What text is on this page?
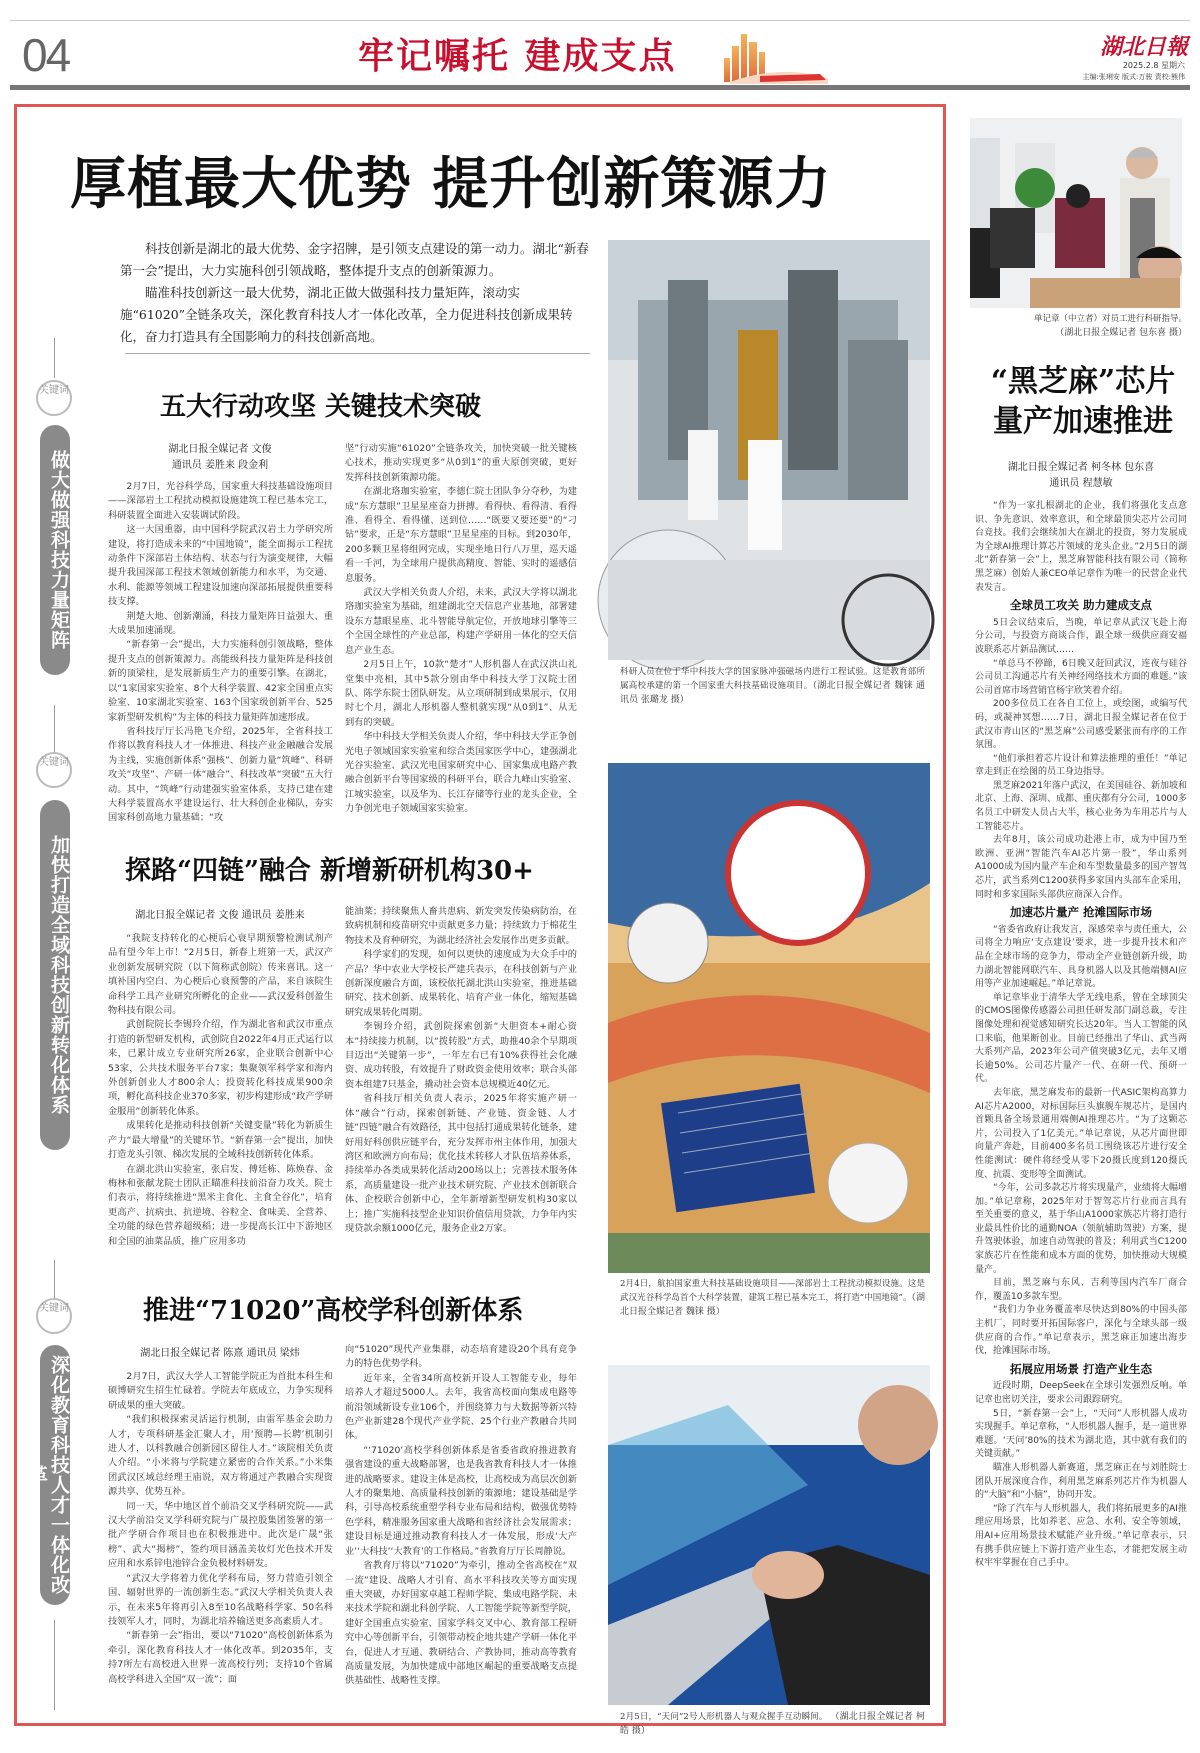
04	牢记嘱托 建成支点	湖北日報
2025.2.8 星期六
主编:张琍安 版式:万骏 责校:熊伟
厚植最大优势 提升创新策源力

科技创新是湖北的最大优势、金字招牌，是引领支点建设的第一动力。湖北“新春第一会”提出，大力实施科创引领战略，整体提升支点的创新策源力。

瞄准科技创新这一最大优势，湖北正做大做强科技力量矩阵，滚动实施“61020”全链条攻关，深化教育科技人才一体化改革，全力促进科技创新成果转化，奋力打造具有全国影响力的科技创新高地。

关键词
做大做强科技力量矩阵
关键词
加快打造全域科技创新转化体系
关键词
深化教育科技人才一体化改革
五大行动攻坚 关键技术突破
湖北日报全媒记者 文俊
通讯员 姜胜来 段金利

2月7日，光谷科学岛，国家重大科技基础设施项目——深部岩土工程扰动模拟设施建筑工程已基本完工，科研装置全面进入安装调试阶段。

这一大国重器，由中国科学院武汉岩土力学研究所建设，将打造成未来的“中国地镜”，能全面揭示工程扰动条件下深部岩土体结构、状态与行为演变规律，大幅提升我国深部工程技术领域创新能力和水平，为交通、水利、能源等领域工程建设加速向深部拓展提供重要科技支撑。

荆楚大地、创新潮涌，科技力量矩阵日益强大、重大成果加速涌现。

“新春第一会”提出，大力实施科创引领战略，整体提升支点的创新策源力。高能级科技力量矩阵是科技创新的顶梁柱，是发展新质生产力的重要引擎。在湖北，以“1家国家实验室、8个大科学装置、42家全国重点实验室、10家湖北实验室、163个国家级创新平台、525家新型研发机构”为主体的科技力量矩阵加速形成。

省科技厅厅长冯艳飞介绍，2025年，全省科技工作将以教育科技人才一体推进、科技产业金融融合发展为主线，实施创新体系“强核”、创新力量“筑峰”、科研攻关“攻坚”、产研一体“融合”、科技改革“突破”五大行动。其中，“筑峰”行动建强实验室体系，支持已建在建大科学装置高水平建设运行、壮大科创企业梯队，夯实国家科创高地力量基础；“攻

坚”行动实施“61020”全链条攻关，加快突破一批关键核心技术，推动实现更多“从0到1”的重大原创突破，更好发挥科技创新策源功能。

在湖北珞珈实验室，李德仁院士团队争分夺秒，为建成“东方慧眼”卫星星座奋力拼搏。看得快、看得清、看得准、看得全、看得懂、送到位……“既要又要还要”的“刁钻”要求，正是“东方慧眼”卫星星座的目标。到2030年，200多颗卫星将组网完成，实现坐地日行八万里，巡天遥看一千河，为全球用户提供高精度、智能、实时的遥感信息服务。

武汉大学相关负责人介绍，未来，武汉大学将以湖北珞珈实验室为基础，组建湖北空天信息产业基地，部署建设东方慧眼星座、北斗智能导航定位，开放地球引擎等三个全国全球性的产业总部，构建产学研用一体化的空天信息产业生态。

2月5日上午，10款“楚才”人形机器人在武汉洪山礼堂集中亮相，其中5款分别由华中科技大学丁汉院士团队、陈学东院士团队研发。从立项研制到成果展示，仅用时七个月，湖北人形机器人整机就实现“从0到1”、从无到有的突破。

华中科技大学相关负责人介绍，华中科技大学正争创光电子领域国家实验室和综合类国家医学中心，建强湖北光谷实验室、武汉光电国家研究中心、国家集成电路产教融合创新平台等国家级的科研平台，联合九峰山实验室、江城实验室，以及华为、长江存储等行业的龙头企业，全力争创光电子领域国家实验室。

探路“四链”融合 新增新研机构30+
湖北日报全媒记者 文俊 通讯员 姜胜来

“我院支持转化的心梗后心衰早期预警检测试剂产品有望今年上市！”2月5日，新春上班第一天，武汉产业创新发展研究院（以下简称武创院）传来喜讯。这一填补国内空白、为心梗后心衰预警的产品，来自该院生命科学工具产业研究所孵化的企业——武汉爱科创盈生物科技有限公司。

武创院院长李锡玲介绍，作为湖北省和武汉市重点打造的新型研发机构，武创院自2022年4月正式运行以来，已累计成立专业研究所26家，企业联合创新中心53家，公共技术服务平台7家；集聚领军科学家和海内外创新创业人才800余人；投资转化科技成果900余项，孵化高科技企业370多家，初步构建形成“政产学研金服用”创新转化体系。

成果转化是推动科技创新“关键变量”转化为新质生产力“最大增量”的关键环节。“新春第一会”提出，加快打造龙头引领、梯次发展的全域科技创新转化体系。

在湖北洪山实验室，张启发、傅廷栋、陈焕春、金梅林和张献龙院士团队正瞄准科技前沿奋力攻关。院士们表示，将持续推进“黑米主食化、主食全谷化”，培育更高产、抗病虫、抗逆境、谷粒全、食味美、全营养、全功能的绿色营养超级稻；进一步提高长江中下游地区和全国的油菜品质，推广应用多功

能油菜；持续聚焦人畜共患病、新发突发传染病防治，在致病机制和疫苗研究中贡献更多力量；持续致力于棉花生物技术及育种研究，为湖北经济社会发展作出更多贡献。

科学家们的发现，如何以更快的速度成为大众手中的产品？华中农业大学校长严建兵表示，在科技创新与产业创新深度融合方面，该校依托湖北洪山实验室，推进基础研究、技术创新、成果转化、培育产业一体化，缩短基础研究成果转化周期。

李锡玲介绍，武创院探索创新“大胆资本+耐心资本”持续接力机制，以“拨转股”方式，助推40余个早期项目迈出“关键第一步”，一年左右已有10%获得社会化融资、成功转股，有效提升了财政资金使用效率；联合头部资本组建7只基金，撬动社会资本总规模近40亿元。

省科技厅相关负责人表示，2025年将实施产研一体“融合”行动，探索创新链、产业链、资金链、人才链“四链”融合有效路径，其中包括打通成果转化链条，建好用好科创供应链平台，充分发挥市州主体作用，加强大湾区和欧洲方向布局；优化技术转移人才队伍培养体系，持续举办各类成果转化活动200场以上；完善技术服务体系，高质量建设一批产业技术研究院、产业技术创新联合体、企校联合创新中心，全年新增新型研发机构30家以上；推广实施科技型企业知识价值信用贷款，力争年内实现贷款余额1000亿元，服务企业2万家。

推进“71020”高校学科创新体系
湖北日报全媒记者 陈熹 通讯员 梁炜

2月7日，武汉大学人工智能学院正为首批本科生和硕博研究生招生忙碌着。学院去年底成立，力争实现科研成果的重大突破。

“我们积极探索灵活运行机制，由雷军基金会助力人才，专项科研基金汇聚人才，用‘预聘—长聘’机制引进人才，以科教融合创新园区留住人才。”该院相关负责人介绍。“小米将与学院建立紧密的合作关系。”小米集团武汉区域总经理王庙说，双方将通过产教融合实现资源共享、优势互补。

同一天，华中地区首个前沿交叉学科研究院——武汉大学前沿交叉学科研究院与广晟控股集团签署的第一批产学研合作项目也在积极推进中。此次是广晟“张榜”、武大“揭榜”，签约项目涵盖美妆灯光色技术开发应用和水系锌电池锌合金负极材料研发。

“武汉大学将着力优化学科布局，努力营造引领全国、辐射世界的一流创新生态。”武汉大学相关负责人表示，在未来5年将再引入8至10名战略科学家、50名科技领军人才，同时，为湖北培养输送更多高素质人才。

“新春第一会”指出，要以“71020”高校创新体系为牵引，深化教育科技人才一体化改革。到2035年，支持7所左右高校进入世界一流高校行列；支持10个省属高校学科进入全国“双一流”；面

向“51020”现代产业集群，动态培育建设20个具有竞争力的特色优势学科。

近年来，全省34所高校新开设人工智能专业，每年培养人才超过5000人。去年，我省高校面向集成电路等前沿领域新设专业106个，并围绕算力与大数据等新兴特色产业新建28个现代产业学院、25个行业产教融合共同体。

“‘71020’高校学科创新体系是省委省政府推进教育强省建设的重大战略部署，也是我省教育科技人才一体推进的战略要求。建设主体是高校，让高校成为高层次创新人才的聚集地、高质量科技创新的策源地；建设基础是学科，引导高校系统重塑学科专业布局和结构，做强优势特色学科，精准服务国家重大战略和省经济社会发展需求；建设目标是通过推动教育科技人才一体发展，形成‘大产业’‘大科技’‘大教育’的工作格局。”省教育厅厅长周静说。

省教育厅将以“71020”为牵引，推动全省高校在“双一流”建设、战略人才引育、高水平科技攻关等方面实现重大突破，办好国家卓越工程师学院、集成电路学院、未来技术学院和湖北科创学院、人工智能学院等新型学院，建好全国重点实验室、国家学科交叉中心、教育部工程研究中心等创新平台，引领带动校企地共建产学研一体化平台，促进人才互通、教研结合、产教协同，推动高等教育高质量发展，为加快建成中部地区崛起的重要战略支点提供基础性、战略性支撑。

科研人员在位于华中科技大学的国家脉冲强磁场内进行工程试验。这是教育部所属高校承建的第一个国家重大科技基础设施项目。（湖北日报全媒记者 魏铼 通讯员 张璐龙 摄）
2月4日，航拍国家重大科技基础设施项目——深部岩土工程扰动模拟设施。这是武汉光谷科学岛首个大科学装置，建筑工程已基本完工，将打造“中国地镜”。（湖北日报全媒记者 魏铼 摄）
2月5日，“天问”2号人形机器人与观众握手互动瞬间。 （湖北日报全媒记者 柯皓 摄）
单记章（中立者）对员工进行科研指导。
（湖北日报全媒记者 包东喜 摄）
“黑芝麻”芯片
量产加速推进
湖北日报全媒记者 柯冬林 包东喜
通讯员 程慧敏

“作为一家扎根湖北的企业，我们将强化支点意识、争先意识、效率意识，和全球最顶尖芯片公司同台竞技。我们会继续加大在湖北的投资，努力发展成为全球AI推理计算芯片领域的龙头企业。”2月5日的湖北“新春第一会”上，黑芝麻智能科技有限公司（简称黑芝麻）创始人兼CEO单记章作为唯一的民营企业代表发言。

全球员工攻关 助力建成支点

5日会议结束后，当晚，单记章从武汉飞赴上海分公司，与投资方商谈合作，跟全球一级供应商安福波联系芯片新品测试……

“单总马不停蹄，6日晚又赶回武汉，连夜与硅谷公司员工沟通芯片有关神经网络技术方面的难题。”该公司首席市场营销官杨宇欣笑着介绍。

200多位员工在各自工位上，或绘图，或编写代码，或凝神冥想……7日，湖北日报全媒记者在位于武汉市青山区的“黑芝麻”公司感受紧张而有序的工作氛围。

“他们承担着芯片设计和算法推理的重任！”单记章走到正在绘图的员工身边指导。

黑芝麻2021年落户武汉，在美国硅谷、新加坡和北京、上海、深圳、成都、重庆都有分公司，1000多名员工中研发人员占大半，核心业务为车用芯片与人工智能芯片。

去年8月，该公司成功赴港上市，成为中国乃至欧洲、亚洲“智能汽车AI芯片第一股”，华山系列A1000成为国内量产车企和车型数量最多的国产智驾芯片，武当系列C1200获得多家国内头部车企采用，同时和多家国际头部供应商深入合作。

加速芯片量产 抢滩国际市场

“省委省政府让我发言，深感荣幸与责任重大，公司将全力响应‘支点建设’要求，进一步提升技术和产品在全球市场的竞争力，带动全产业链创新升级，助力湖北智能网联汽车、具身机器人以及其他端侧AI应用等产业加速崛起。”单记章说。

单记章毕业于清华大学无线电系，曾在全球顶尖的CMOS图像传感器公司担任研发部门副总裁，专注图像处理和视觉感知研究长达20年。当人工智能的风口来临，他果断创业。目前已经推出了华山、武当两大系列产品，2023年公司产值突破3亿元，去年又增长逾50%。公司芯片量产一代、在研一代、预研一代。

去年底，黑芝麻发布的最新一代ASIC架构高算力AI芯片A2000，对标国际巨头旗舰车规芯片，是国内首颗具备全场景通用端侧AI推理芯片。“为了这颗芯片，公司投入了1亿美元。”单记章说，从芯片面世即向量产奔赴，目前400多名员工围绕该芯片进行安全性能测试：硬件将经受从零下20摄氏度到120摄氏度、抗震、变形等全面测试。

“今年，公司多款芯片将实现量产，业绩将大幅增加。”单记章称，2025年对于智驾芯片行业而言具有至关重要的意义，基于华山A1000家族芯片将打造行业最具性价比的通勤NOA（领航辅助驾驶）方案，提升驾驶体验，加速自动驾驶的普及；利用武当C1200家族芯片在性能和成本方面的优势，加快推动大规模量产。

目前，黑芝麻与东风、吉利等国内汽车厂商合作，覆盖10多款车型。

“我们力争业务覆盖率尽快达到80%的中国头部主机厂，同时要开拓国际客户，深化与全球头部一级供应商的合作。”单记章表示，黑芝麻正加速出海步伐，抢滩国际市场。

拓展应用场景 打造产业生态

近段时期，DeepSeek在全球引发强烈反响。单记章也密切关注，要求公司跟踪研究。

5日，“新春第一会”上，“天问”人形机器人成功实现握手。单记章称，“人形机器人握手，是一道世界难题。‘天问’80%的技术为湖北造，其中就有我们的关键贡献。”

瞄准人形机器人新赛道，黑芝麻正在与刘胜院士团队开展深度合作，利用黑芝麻系列芯片作为机器人的“大脑”和“小脑”，协同开发。

“除了汽车与人形机器人，我们将拓展更多的AI推理应用场景，比如养老、应急、水利、安全等领域，用AI+应用场景技术赋能产业升级。”单记章表示，只有携手供应链上下游打造产业生态，才能把发展主动权牢牢掌握在自己手中。
